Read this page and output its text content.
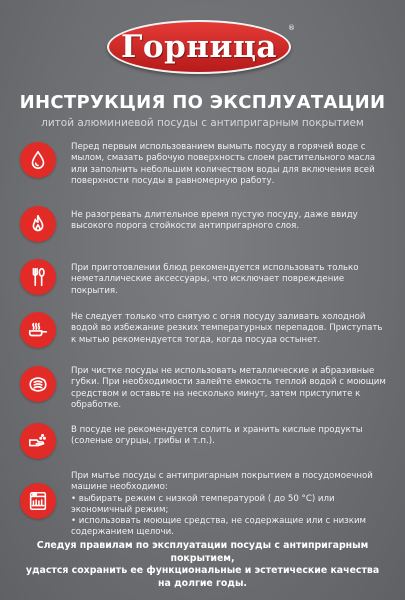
Горница
®
ИНСТРУКЦИЯ ПО ЭКСПЛУАТАЦИИ
литой алюминиевой посуды с антипригарным покрытием

Перед первым использованием вымыть посуду в горячей воде с мылом, смазать рабочую поверхность слоем растительного масла или заполнить небольшим количеством воды для включения всей поверхности посуды в равномерную работу.

Не разогревать длительное время пустую посуду, даже ввиду высокого порога стойкости антипригарного слоя.

При приготовлении блюд рекомендуется использовать только неметаллические аксессуары, что исключает повреждение покрытия.

Не следует только что снятую с огня посуду заливать холодной водой во избежание резких температурных перепадов. Приступать к мытью рекомендуется тогда, когда посуда остынет.

При чистке посуды не использовать металлические и абразивные губки. При необходимости залейте емкость теплой водой с моющим средством и оставьте на несколько минут, затем приступите к обработке.

В посуде не рекомендуется солить и хранить кислые продукты (соленые огурцы, грибы и т.п.).

При мытье посуды с антипригарным покрытием в посудомоечной машине необходимо:

• выбирать режим с низкой температурой ( до 50 °С) или экономичный режим;

• использовать моющие средства, не содержащие или с низким содержанием щелочи.

Следуя правилам по эксплуатации посуды с антипригарным покрытием,
удастся сохранить ее функциональные и эстетические качества
на долгие годы.
